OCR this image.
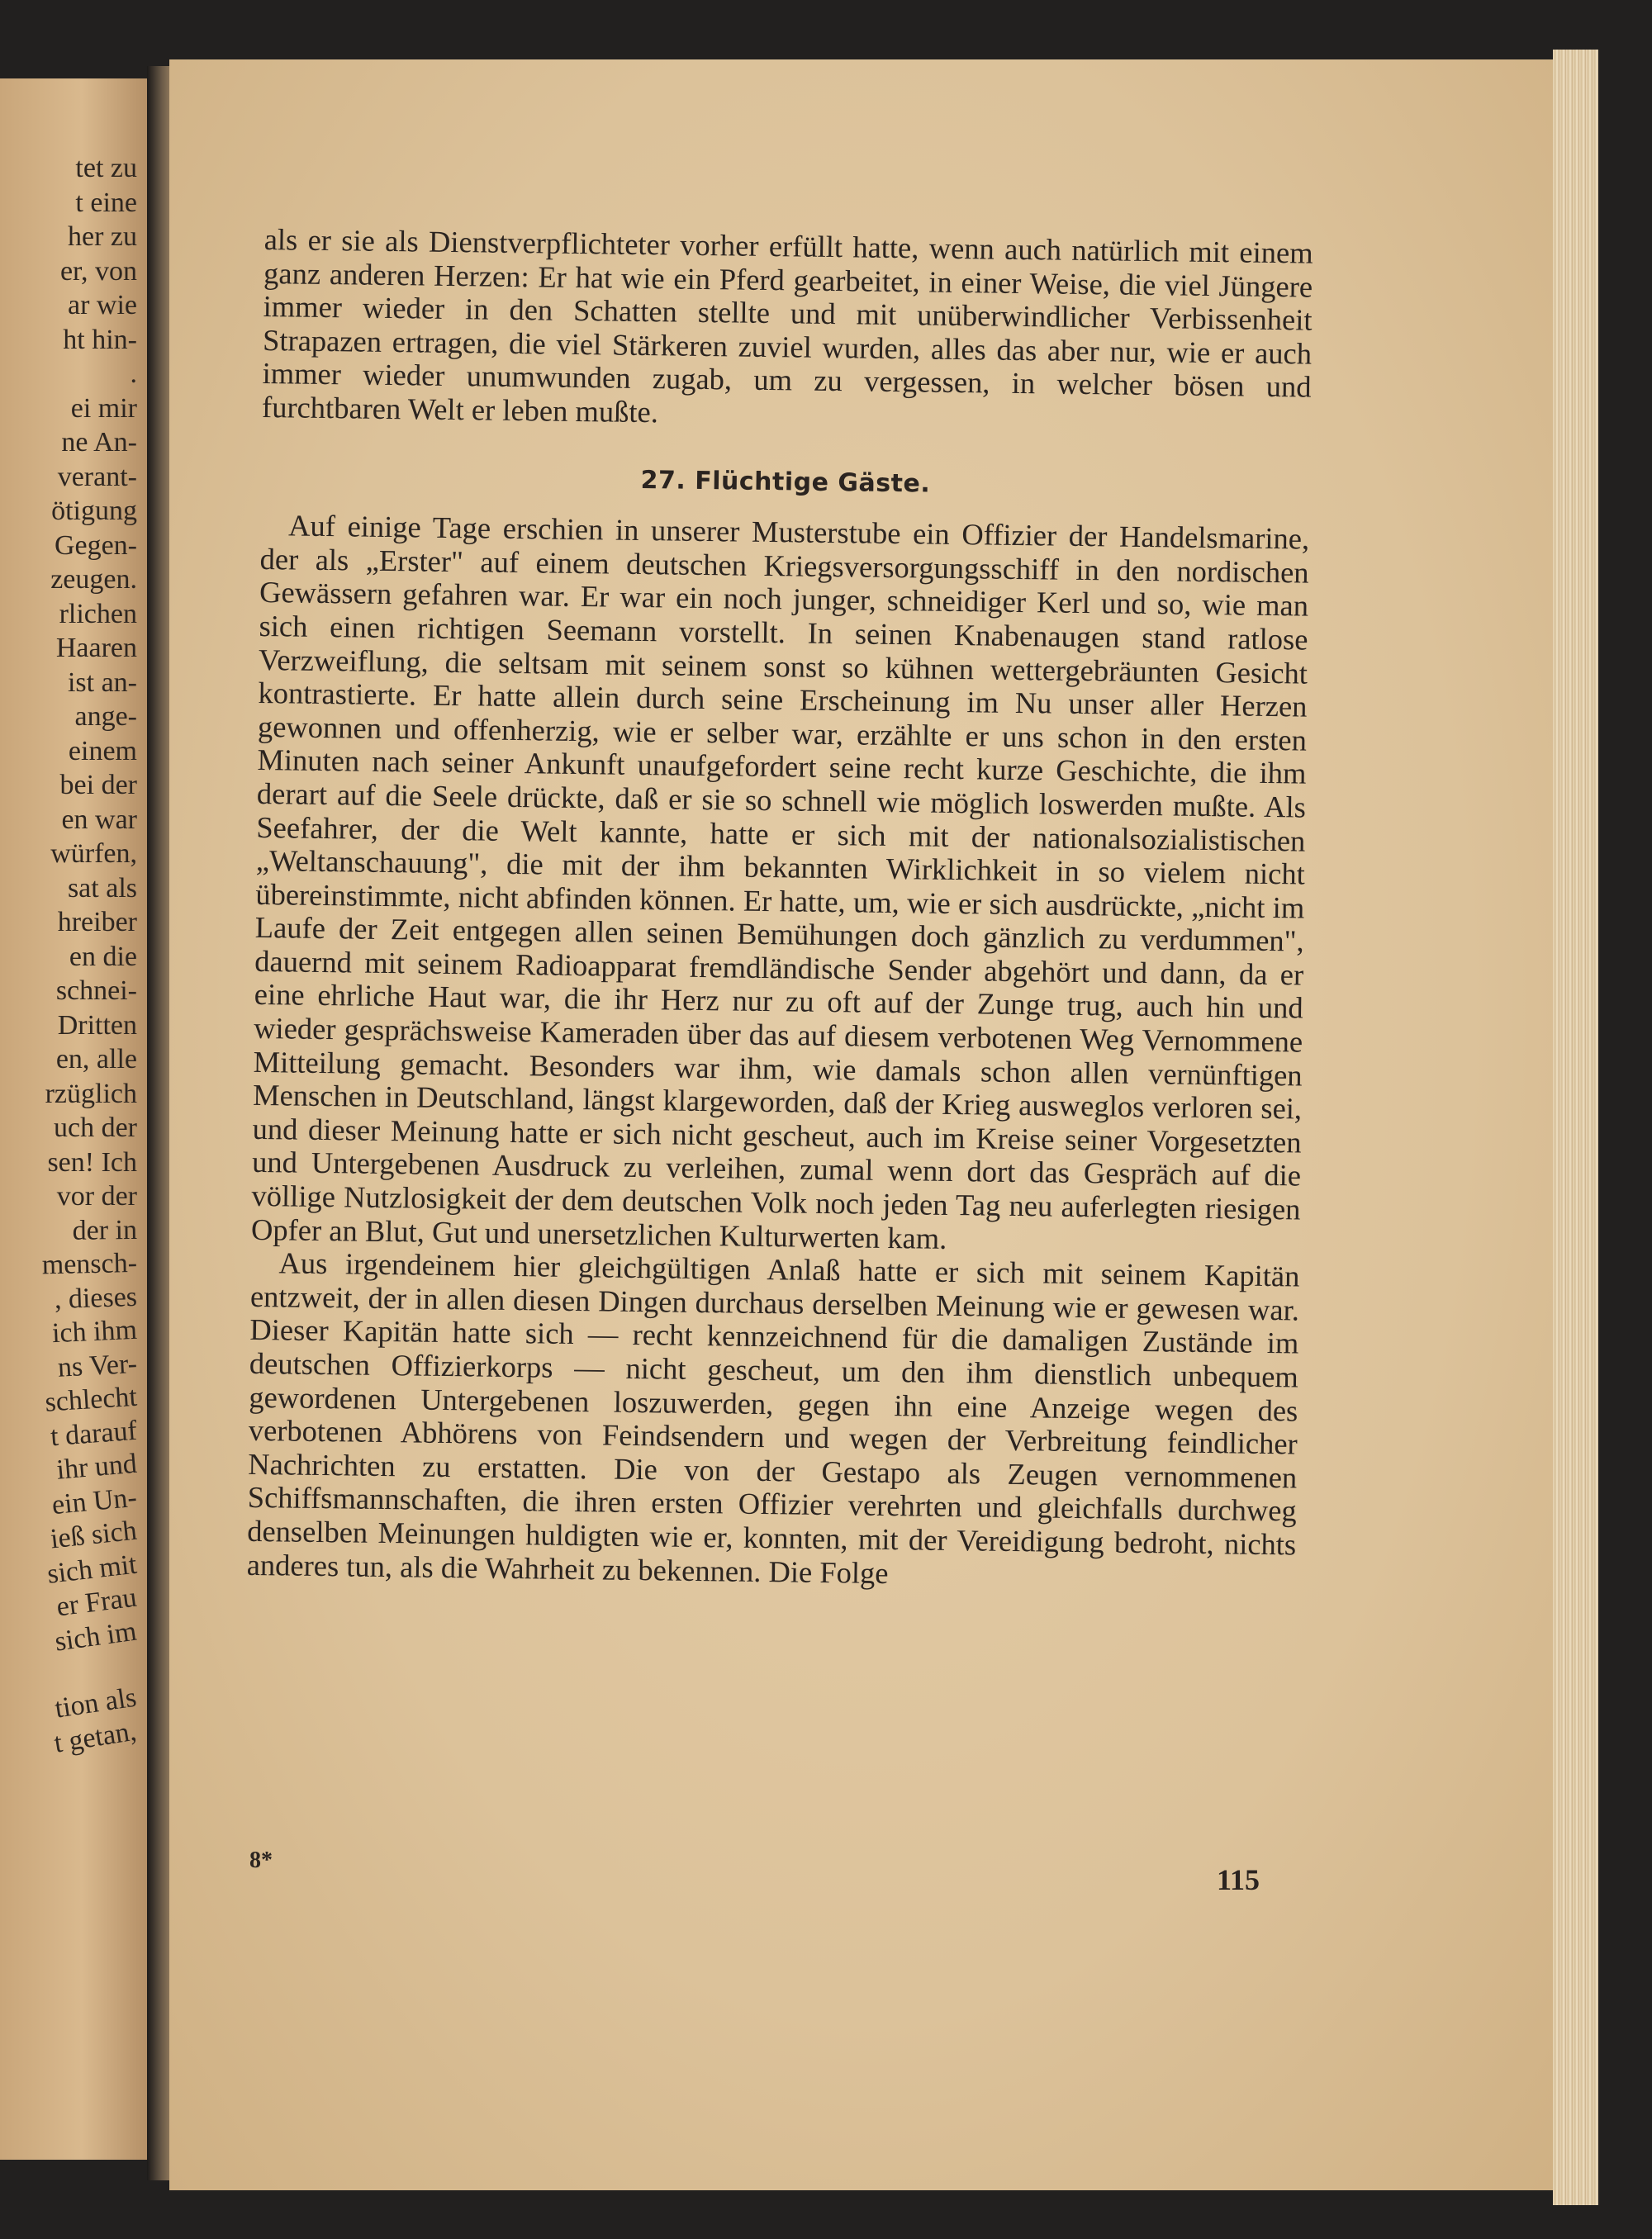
tet zu
t eine
her zu
er, von
ar wie
ht hin-
.
ei mir
ne An-
verant-
ötigung
Gegen-
zeugen.
rlichen
Haaren
ist an-
ange-
einem
bei der
en war
würfen,
sat als
hreiber
en die
schnei-
Dritten
en, alle
rzüglich
uch der
sen! Ich
vor der
der in
mensch-
, dieses
ich ihm
ns Ver-
schlecht
t darauf
ihr und
ein Un-
ieß sich
sich mit
er Frau
sich im
tion als
t getan,

als er sie als Dienstverpflichteter vorher erfüllt hatte, wenn auch natürlich mit einem ganz anderen Herzen: Er hat wie ein Pferd gearbeitet, in einer Weise, die viel Jüngere immer wieder in den Schatten stellte und mit unüberwindlicher Verbissenheit Strapazen ertragen, die viel Stärkeren zuviel wurden, alles das aber nur, wie er auch immer wieder unumwunden zugab, um zu vergessen, in welcher bösen und furchtbaren Welt er leben mußte.

27. Flüchtige Gäste.

Auf einige Tage erschien in unserer Musterstube ein Offizier der Handelsmarine, der als „Erster" auf einem deutschen Kriegsversorgungsschiff in den nordischen Gewässern gefahren war. Er war ein noch junger, schneidiger Kerl und so, wie man sich einen richtigen Seemann vorstellt. In seinen Knabenaugen stand ratlose Verzweiflung, die seltsam mit seinem sonst so kühnen wettergebräunten Gesicht kontrastierte. Er hatte allein durch seine Erscheinung im Nu unser aller Herzen gewonnen und offenherzig, wie er selber war, erzählte er uns schon in den ersten Minuten nach seiner Ankunft unaufgefordert seine recht kurze Geschichte, die ihm derart auf die Seele drückte, daß er sie so schnell wie möglich loswerden mußte. Als Seefahrer, der die Welt kannte, hatte er sich mit der nationalsozialistischen „Weltanschauung", die mit der ihm bekannten Wirklichkeit in so vielem nicht übereinstimmte, nicht abfinden können. Er hatte, um, wie er sich ausdrückte, „nicht im Laufe der Zeit entgegen allen seinen Bemühungen doch gänzlich zu verdummen", dauernd mit seinem Radioapparat fremdländische Sender abgehört und dann, da er eine ehrliche Haut war, die ihr Herz nur zu oft auf der Zunge trug, auch hin und wieder gesprächsweise Kameraden über das auf diesem verbotenen Weg Vernommene Mitteilung gemacht. Besonders war ihm, wie damals schon allen vernünftigen Menschen in Deutschland, längst klargeworden, daß der Krieg ausweglos verloren sei, und dieser Meinung hatte er sich nicht gescheut, auch im Kreise seiner Vorgesetzten und Untergebenen Ausdruck zu verleihen, zumal wenn dort das Gespräch auf die völlige Nutzlosigkeit der dem deutschen Volk noch jeden Tag neu auferlegten riesigen Opfer an Blut, Gut und unersetzlichen Kulturwerten kam.

Aus irgendeinem hier gleichgültigen Anlaß hatte er sich mit seinem Kapitän entzweit, der in allen diesen Dingen durchaus derselben Meinung wie er gewesen war. Dieser Kapitän hatte sich — recht kennzeichnend für die damaligen Zustände im deutschen Offizierkorps — nicht gescheut, um den ihm dienstlich unbequem gewordenen Untergebenen loszuwerden, gegen ihn eine Anzeige wegen des verbotenen Abhörens von Feindsendern und wegen der Verbreitung feindlicher Nachrichten zu erstatten. Die von der Gestapo als Zeugen vernommenen Schiffsmannschaften, die ihren ersten Offizier verehrten und gleichfalls durchweg denselben Meinungen huldigten wie er, konnten, mit der Vereidigung bedroht, nichts anderes tun, als die Wahrheit zu bekennen. Die Folge

8*
115
